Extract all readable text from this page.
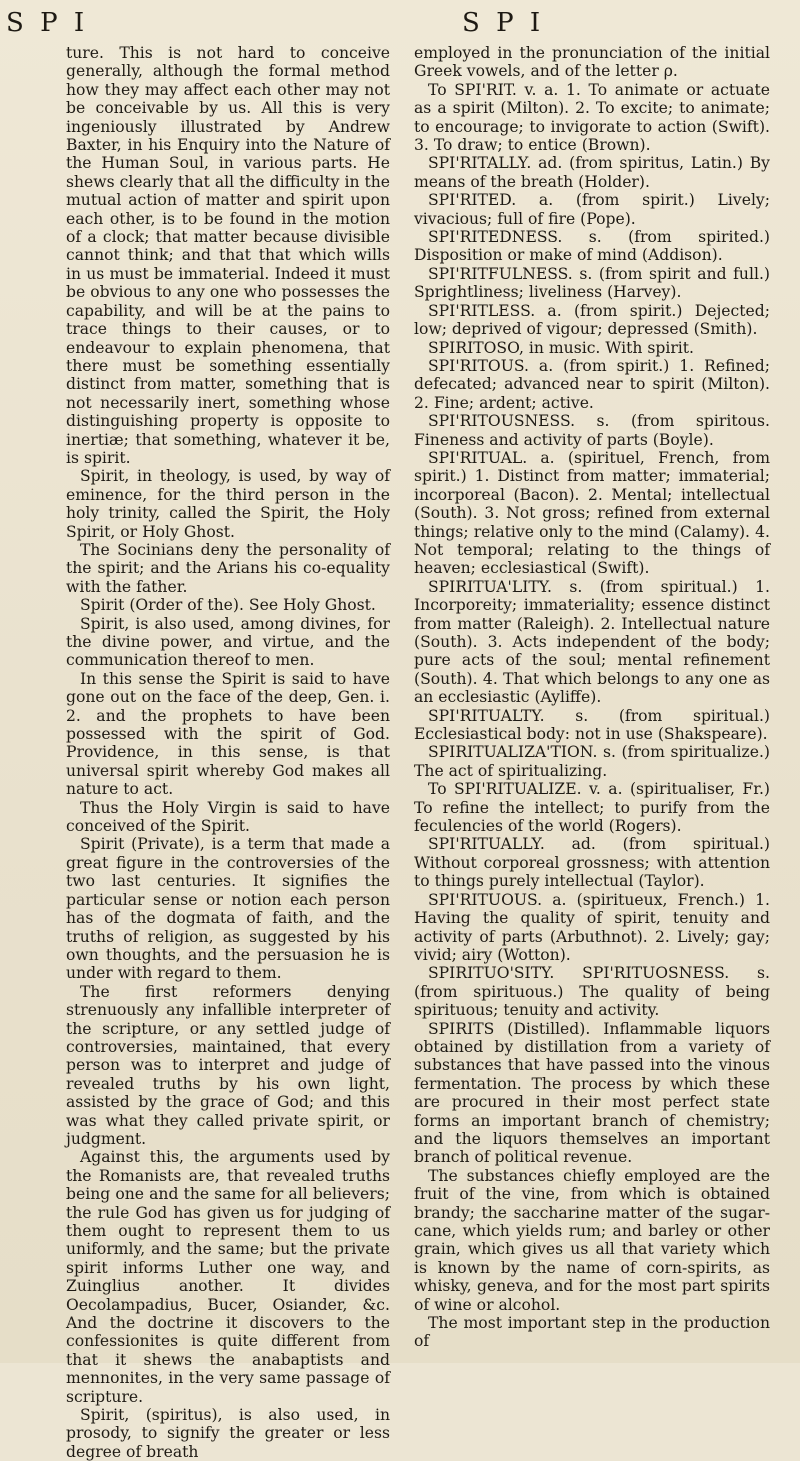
S P I	S P I

ture. This is not hard to conceive generally, although the formal method how they may affect each other may not be conceivable by us. All this is very ingeniously illustrated by Andrew Baxter, in his Enquiry into the Nature of the Human Soul, in various parts. He shews clearly that all the difficulty in the mutual action of matter and spirit upon each other, is to be found in the motion of a clock; that matter because divisible cannot think; and that that which wills in us must be immaterial. Indeed it must be obvious to any one who possesses the capability, and will be at the pains to trace things to their causes, or to endeavour to explain phenomena, that there must be something essentially distinct from matter, something that is not necessarily inert, something whose distinguishing property is opposite to inertiæ; that something, whatever it be, is spirit.

Spirit, in theology, is used, by way of eminence, for the third person in the holy trinity, called the Spirit, the Holy Spirit, or Holy Ghost.

The Socinians deny the personality of the spirit; and the Arians his co-equality with the father.

Spirit (Order of the). See Holy Ghost.

Spirit, is also used, among divines, for the divine power, and virtue, and the communication thereof to men.

In this sense the Spirit is said to have gone out on the face of the deep, Gen. i. 2. and the prophets to have been possessed with the spirit of God. Providence, in this sense, is that universal spirit whereby God makes all nature to act.

Thus the Holy Virgin is said to have conceived of the Spirit.

Spirit (Private), is a term that made a great figure in the controversies of the two last centuries. It signifies the particular sense or notion each person has of the dogmata of faith, and the truths of religion, as suggested by his own thoughts, and the persuasion he is under with regard to them.

The first reformers denying strenuously any infallible interpreter of the scripture, or any settled judge of controversies, maintained, that every person was to interpret and judge of revealed truths by his own light, assisted by the grace of God; and this was what they called private spirit, or judgment.

Against this, the arguments used by the Romanists are, that revealed truths being one and the same for all believers; the rule God has given us for judging of them ought to represent them to us uniformly, and the same; but the private spirit informs Luther one way, and Zuinglius another. It divides Oecolampadius, Bucer, Osiander, &c. And the doctrine it discovers to the confessionites is quite different from that it shews the anabaptists and mennonites, in the very same passage of scripture.

Spirit, (spiritus), is also used, in prosody, to signify the greater or less degree of breath

employed in the pronunciation of the initial Greek vowels, and of the letter ρ.

To SPI'RIT. v. a. 1. To animate or actuate as a spirit (Milton). 2. To excite; to animate; to encourage; to invigorate to action (Swift). 3. To draw; to entice (Brown).

SPI'RITALLY. ad. (from spiritus, Latin.) By means of the breath (Holder).

SPI'RITED. a. (from spirit.) Lively; vivacious; full of fire (Pope).

SPI'RITEDNESS. s. (from spirited.) Disposition or make of mind (Addison).

SPI'RITFULNESS. s. (from spirit and full.) Sprightliness; liveliness (Harvey).

SPI'RITLESS. a. (from spirit.) Dejected; low; deprived of vigour; depressed (Smith).

SPIRITOSO, in music. With spirit.

SPI'RITOUS. a. (from spirit.) 1. Refined; defecated; advanced near to spirit (Milton). 2. Fine; ardent; active.

SPI'RITOUSNESS. s. (from spiritous. Fineness and activity of parts (Boyle).

SPI'RITUAL. a. (spirituel, French, from spirit.) 1. Distinct from matter; immaterial; incorporeal (Bacon). 2. Mental; intellectual (South). 3. Not gross; refined from external things; relative only to the mind (Calamy). 4. Not temporal; relating to the things of heaven; ecclesiastical (Swift).

SPIRITUA'LITY. s. (from spiritual.) 1. Incorporeity; immateriality; essence distinct from matter (Raleigh). 2. Intellectual nature (South). 3. Acts independent of the body; pure acts of the soul; mental refinement (South). 4. That which belongs to any one as an ecclesiastic (Ayliffe).

SPI'RITUALTY. s. (from spiritual.) Ecclesiastical body: not in use (Shakspeare).

SPIRITUALIZA'TION. s. (from spiritualize.) The act of spiritualizing.

To SPI'RITUALIZE. v. a. (spiritualiser, Fr.) To refine the intellect; to purify from the feculencies of the world (Rogers).

SPI'RITUALLY. ad. (from spiritual.) Without corporeal grossness; with attention to things purely intellectual (Taylor).

SPI'RITUOUS. a. (spiritueux, French.) 1. Having the quality of spirit, tenuity and activity of parts (Arbuthnot). 2. Lively; gay; vivid; airy (Wotton).

SPIRITUO'SITY. SPI'RITUOSNESS. s. (from spirituous.) The quality of being spirituous; tenuity and activity.

SPIRITS (Distilled). Inflammable liquors obtained by distillation from a variety of substances that have passed into the vinous fermentation. The process by which these are procured in their most perfect state forms an important branch of chemistry; and the liquors themselves an important branch of political revenue.

The substances chiefly employed are the fruit of the vine, from which is obtained brandy; the saccharine matter of the sugar-cane, which yields rum; and barley or other grain, which gives us all that variety which is known by the name of corn-spirits, as whisky, geneva, and for the most part spirits of wine or alcohol.

The most important step in the production of
